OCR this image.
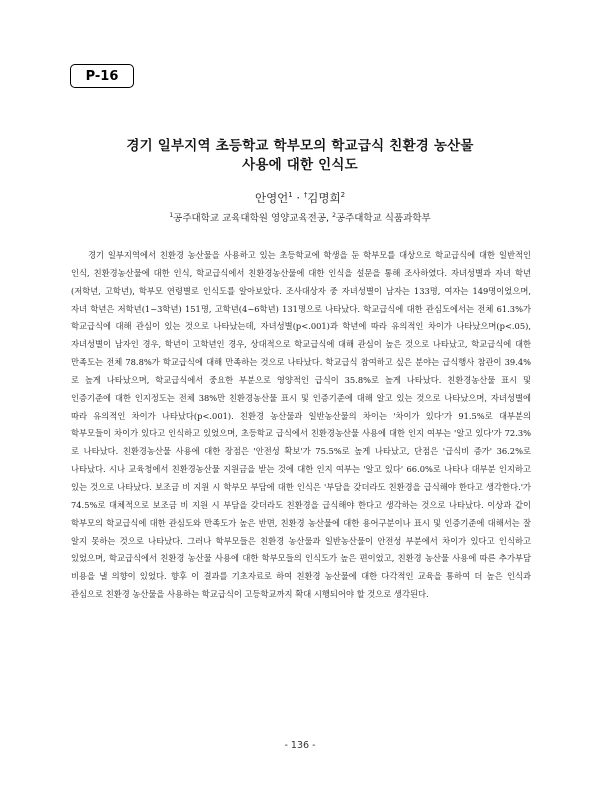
P-16
경기 일부지역 초등학교 학부모의 학교급식 친환경 농산물
사용에 대한 인식도
안영언$^1$ · †김명희$^2$
$^1$공주대학교 교육대학원 영양교육전공, $^2$공주대학교 식품과학부

경기 일부지역에서 친환경 농산물을 사용하고 있는 초등학교에 학생을 둔 학부모를 대상으로 학교급식에 대한 일반적인 인식, 친환경농산물에 대한 인식, 학교급식에서 친환경농산물에 대한 인식을 설문을 통해 조사하였다. 자녀성별과 자녀 학년(저학년, 고학년), 학부모 연령별로 인식도를 알아보았다. 조사대상자 중 자녀성별이 남자는 133명, 여자는 149명이었으며, 자녀 학년은 저학년(1~3학년) 151명, 고학년(4~6학년) 131명으로 나타났다. 학교급식에 대한 관심도에서는 전체 61.3%가 학교급식에 대해 관심이 있는 것으로 나타났는데, 자녀성별(p<.001)과 학년에 따라 유의적인 차이가 나타났으며(p<.05), 자녀성별이 남자인 경우, 학년이 고학년인 경우, 상대적으로 학교급식에 대해 관심이 높은 것으로 나타났고, 학교급식에 대한 만족도는 전체 78.8%가 학교급식에 대해 만족하는 것으로 나타났다. 학교급식 참여하고 싶은 분야는 급식행사 참관이 39.4%로 높게 나타났으며, 학교급식에서 중요한 부분으로 영양적인 급식이 35.8%로 높게 나타났다. 친환경농산물 표시 및 인증기준에 대한 인지정도는 전체 38%만 친환경농산물 표시 및 인증기준에 대해 알고 있는 것으로 나타났으며, 자녀성별에 따라 유의적인 차이가 나타났다(p<.001). 친환경 농산물과 일반농산물의 차이는 '차이가 있다'가 91.5%로 대부분의 학부모들이 차이가 있다고 인식하고 있었으며, 초등학교 급식에서 친환경농산물 사용에 대한 인지 여부는 '알고 있다'가 72.3%로 나타났다. 친환경농산물 사용에 대한 장점은 '안전성 확보'가 75.5%로 높게 나타났고, 단점은 '급식비 증가' 36.2%로 나타났다. 시나 교육청에서 친환경농산물 지원금을 받는 것에 대한 인지 여부는 '알고 있다' 66.0%로 나타나 대부분 인지하고 있는 것으로 나타났다. 보조금 비 지원 시 학부모 부담에 대한 인식은 '부담을 갖더라도 친환경을 급식해야 한다고 생각한다.'가 74.5%로 대체적으로 보조금 비 지원 시 부담을 갖더라도 친환경을 급식해야 한다고 생각하는 것으로 나타났다. 이상과 같이 학부모의 학교급식에 대한 관심도와 만족도가 높은 반면, 친환경 농산물에 대한 용어구분이나 표시 및 인증기준에 대해서는 잘 알지 못하는 것으로 나타났다. 그러나 학부모들은 친환경 농산물과 일반농산물이 안전성 부분에서 차이가 있다고 인식하고 있었으며, 학교급식에서 친환경 농산물 사용에 대한 학부모들의 인식도가 높은 편이었고, 친환경 농산물 사용에 따른 추가부담 비용을 낼 의향이 있었다. 향후 이 결과를 기초자료로 하여 친환경 농산물에 대한 다각적인 교육을 통하여 더 높은 인식과 관심으로 친환경 농산물을 사용하는 학교급식이 고등학교까지 확대 시행되어야 할 것으로 생각된다.

- 136 -
